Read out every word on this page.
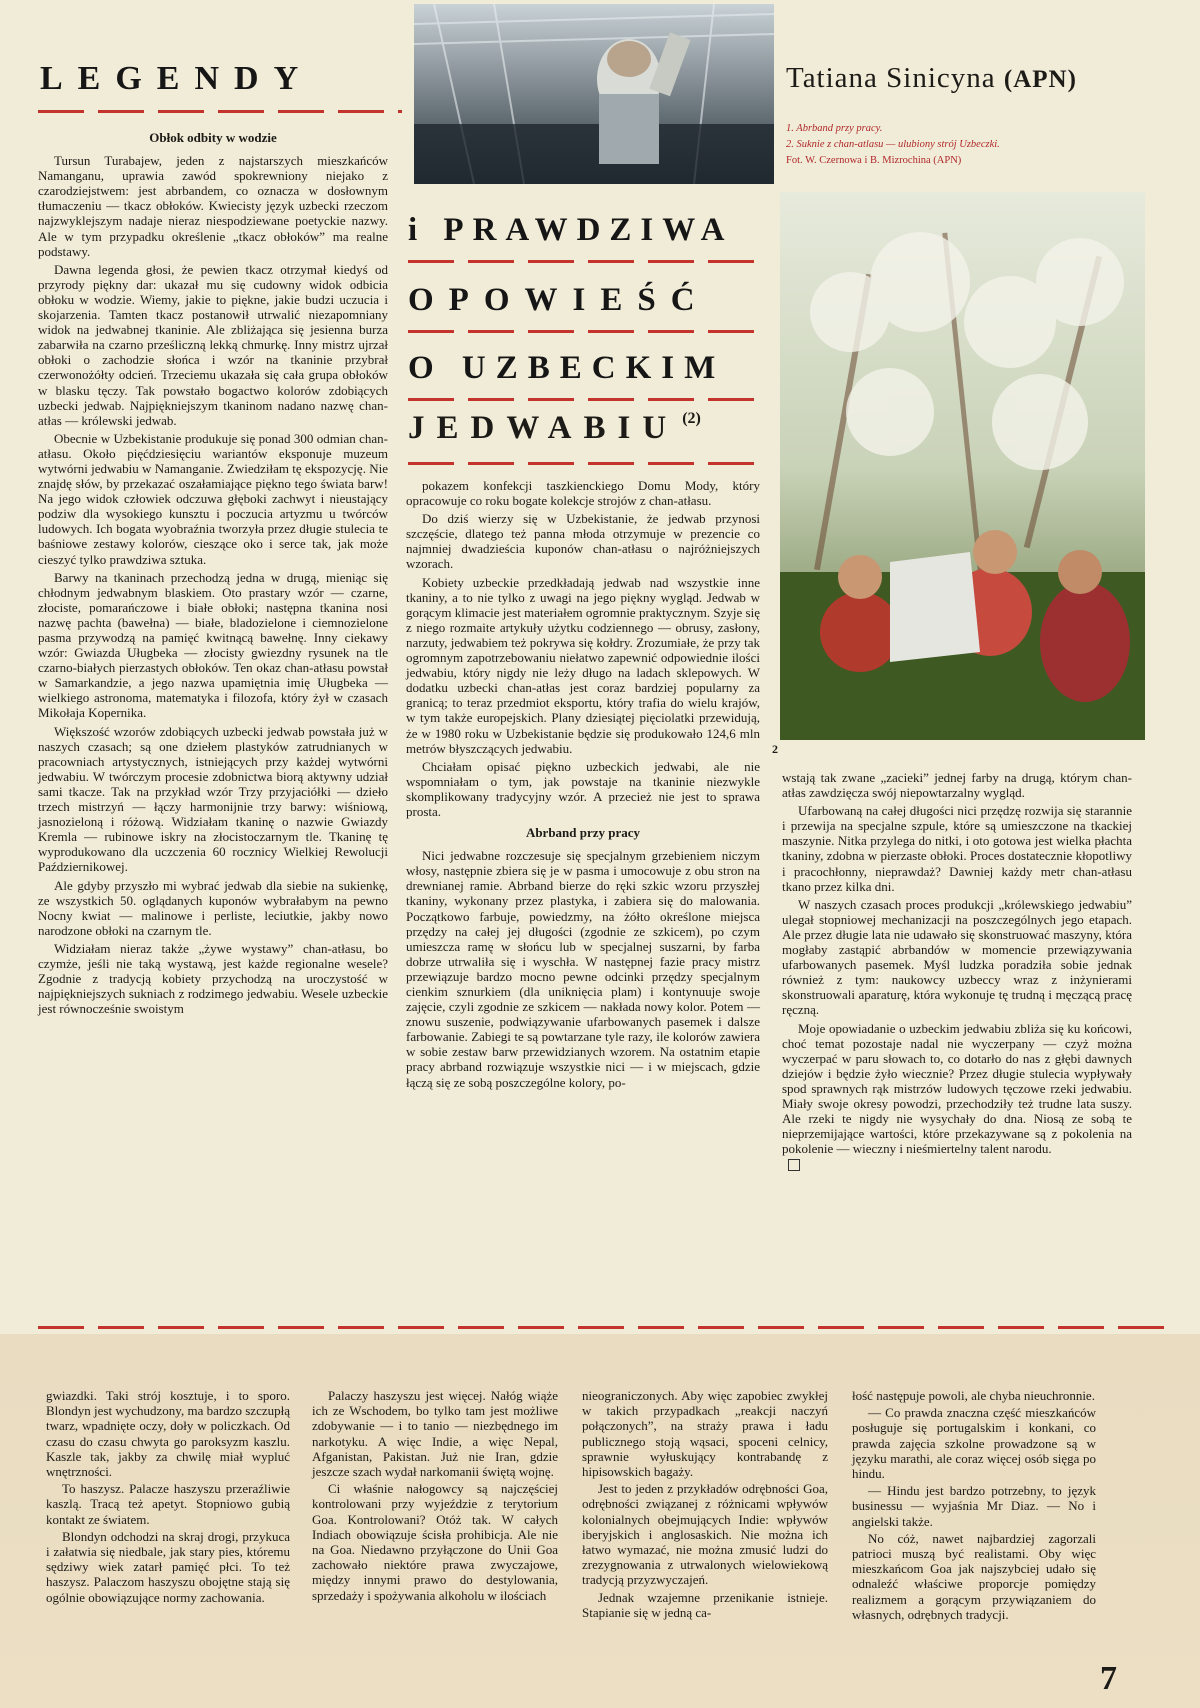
LEGENDY	Tatiana Sinicyna (APN)
1. Abrband przy pracy.
2. Suknie z chan-atlasu — ulubiony strój Uzbeczki.
Fot. W. Czernowa i B. Mizrochina (APN)
i PRAWDZIWA
OPOWIEŚĆ
O UZBECKIM
JEDWABIU (2)
2

Obłok odbity w wodzie

Tursun Turabajew, jeden z najstarszych mieszkańców Namanganu, uprawia zawód spokrewniony niejako z czarodziejstwem: jest abrbandem, co oznacza w dosłownym tłumaczeniu — tkacz obłoków. Kwiecisty język uzbecki rzeczom najzwyklejszym nadaje nieraz niespodziewane poetyckie nazwy. Ale w tym przypadku określenie „tkacz obłoków” ma realne podstawy.

Dawna legenda głosi, że pewien tkacz otrzymał kiedyś od przyrody piękny dar: ukazał mu się cudowny widok odbicia obłoku w wodzie. Wiemy, jakie to piękne, jakie budzi uczucia i skojarzenia. Tamten tkacz postanowił utrwalić niezapomniany widok na jedwabnej tkaninie. Ale zbliżająca się jesienna burza zabarwiła na czarno prześliczną lekką chmurkę. Inny mistrz ujrzał obłoki o zachodzie słońca i wzór na tkaninie przybrał czerwonożółty odcień. Trzeciemu ukazała się cała grupa obłoków w blasku tęczy. Tak powstało bogactwo kolorów zdobiących uzbecki jedwab. Najpiękniejszym tkaninom nadano nazwę chan-atłas — królewski jedwab.

Obecnie w Uzbekistanie produkuje się ponad 300 odmian chan-atłasu. Około pięćdziesięciu wariantów eksponuje muzeum wytwórni jedwabiu w Namanganie. Zwiedziłam tę ekspozycję. Nie znajdę słów, by przekazać oszałamiające piękno tego świata barw! Na jego widok człowiek odczuwa głęboki zachwyt i nieustający podziw dla wysokiego kunsztu i poczucia artyzmu u twórców ludowych. Ich bogata wyobraźnia tworzyła przez długie stulecia te baśniowe zestawy kolorów, cieszące oko i serce tak, jak może cieszyć tylko prawdziwa sztuka.

Barwy na tkaninach przechodzą jedna w drugą, mieniąc się chłodnym jedwabnym blaskiem. Oto prastary wzór — czarne, złociste, pomarańczowe i białe obłoki; następna tkanina nosi nazwę pachta (bawełna) — białe, bladozielone i ciemnozielone pasma przywodzą na pamięć kwitnącą bawełnę. Inny ciekawy wzór: Gwiazda Uługbeka — złocisty gwiezdny rysunek na tle czarno-białych pierzastych obłoków. Ten okaz chan-atłasu powstał w Samarkandzie, a jego nazwa upamiętnia imię Uługbeka — wielkiego astronoma, matematyka i filozofa, który żył w czasach Mikołaja Kopernika.

Większość wzorów zdobiących uzbecki jedwab powstała już w naszych czasach; są one dziełem plastyków zatrudnianych w pracowniach artystycznych, istniejących przy każdej wytwórni jedwabiu. W twórczym procesie zdobnictwa biorą aktywny udział sami tkacze. Tak na przykład wzór Trzy przyjaciółki — dzieło trzech mistrzyń — łączy harmonijnie trzy barwy: wiśniową, jasnozieloną i różową. Widziałam tkaninę o nazwie Gwiazdy Kremla — rubinowe iskry na złocistoczarnym tle. Tkaninę tę wyprodukowano dla uczczenia 60 rocznicy Wielkiej Rewolucji Październikowej.

Ale gdyby przyszło mi wybrać jedwab dla siebie na sukienkę, ze wszystkich 50. oglądanych kuponów wybrałabym na pewno Nocny kwiat — malinowe i perliste, leciutkie, jakby nowo narodzone obłoki na czarnym tle.

Widziałam nieraz także „żywe wystawy” chan-atłasu, bo czymże, jeśli nie taką wystawą, jest każde regionalne wesele? Zgodnie z tradycją kobiety przychodzą na uroczystość w najpiękniejszych sukniach z rodzimego jedwabiu. Wesele uzbeckie jest równocześnie swoistym

pokazem konfekcji taszkienckiego Domu Mody, który opracowuje co roku bogate kolekcje strojów z chan-atłasu.

Do dziś wierzy się w Uzbekistanie, że jedwab przynosi szczęście, dlatego też panna młoda otrzymuje w prezencie co najmniej dwadzieścia kuponów chan-atłasu o najróżniejszych wzorach.

Kobiety uzbeckie przedkładają jedwab nad wszystkie inne tkaniny, a to nie tylko z uwagi na jego piękny wygląd. Jedwab w gorącym klimacie jest materiałem ogromnie praktycznym. Szyje się z niego rozmaite artykuły użytku codziennego — obrusy, zasłony, narzuty, jedwabiem też pokrywa się kołdry. Zrozumiałe, że przy tak ogromnym zapotrzebowaniu niełatwo zapewnić odpowiednie ilości jedwabiu, który nigdy nie leży długo na ladach sklepowych. W dodatku uzbecki chan-atłas jest coraz bardziej popularny za granicą; to teraz przedmiot eksportu, który trafia do wielu krajów, w tym także europejskich. Plany dziesiątej pięciolatki przewidują, że w 1980 roku w Uzbekistanie będzie się produkowało 124,6 mln metrów błyszczących jedwabiu.

Chciałam opisać piękno uzbeckich jedwabi, ale nie wspomniałam o tym, jak powstaje na tkaninie niezwykle skomplikowany tradycyjny wzór. A przecież nie jest to sprawa prosta.

Abrband przy pracy

Nici jedwabne rozczesuje się specjalnym grzebieniem niczym włosy, następnie zbiera się je w pasma i umocowuje z obu stron na drewnianej ramie. Abrband bierze do ręki szkic wzoru przyszłej tkaniny, wykonany przez plastyka, i zabiera się do malowania. Początkowo farbuje, powiedzmy, na żółto określone miejsca przędzy na całej jej długości (zgodnie ze szkicem), po czym umieszcza ramę w słońcu lub w specjalnej suszarni, by farba dobrze utrwaliła się i wyschła. W następnej fazie pracy mistrz przewiązuje bardzo mocno pewne odcinki przędzy specjalnym cienkim sznurkiem (dla uniknięcia plam) i kontynuuje swoje zajęcie, czyli zgodnie ze szkicem — nakłada nowy kolor. Potem — znowu suszenie, podwiązywanie ufarbowanych pasemek i dalsze farbowanie. Zabiegi te są powtarzane tyle razy, ile kolorów zawiera w sobie zestaw barw przewidzianych wzorem. Na ostatnim etapie pracy abrband rozwiązuje wszystkie nici — i w miejscach, gdzie łączą się ze sobą poszczególne kolory, po-

wstają tak zwane „zacieki” jednej farby na drugą, którym chan-atłas zawdzięcza swój niepowtarzalny wygląd.

Ufarbowaną na całej długości nici przędzę rozwija się starannie i przewija na specjalne szpule, które są umieszczone na tkackiej maszynie. Nitka przylega do nitki, i oto gotowa jest wielka płachta tkaniny, zdobna w pierzaste obłoki. Proces dostatecznie kłopotliwy i pracochłonny, nieprawdaż? Dawniej każdy metr chan-atłasu tkano przez kilka dni.

W naszych czasach proces produkcji „królewskiego jedwabiu” ulegał stopniowej mechanizacji na poszczególnych jego etapach. Ale przez długie lata nie udawało się skonstruować maszyny, która mogłaby zastąpić abrbandów w momencie przewiązywania ufarbowanych pasemek. Myśl ludzka poradziła sobie jednak również z tym: naukowcy uzbeccy wraz z inżynierami skonstruowali aparaturę, która wykonuje tę trudną i męczącą pracę ręczną.

Moje opowiadanie o uzbeckim jedwabiu zbliża się ku końcowi, choć temat pozostaje nadal nie wyczerpany — czyż można wyczerpać w paru słowach to, co dotarło do nas z głębi dawnych dziejów i będzie żyło wiecznie? Przez długie stulecia wypływały spod sprawnych rąk mistrzów ludowych tęczowe rzeki jedwabiu. Miały swoje okresy powodzi, przechodziły też trudne lata suszy. Ale rzeki te nigdy nie wysychały do dna. Niosą ze sobą te nieprzemijające wartości, które przekazywane są z pokolenia na pokolenie — wieczny i nieśmiertelny talent narodu.

gwiazdki. Taki strój kosztuje, i to sporo. Blondyn jest wychudzony, ma bardzo szczupłą twarz, wpadnięte oczy, doły w policzkach. Od czasu do czasu chwyta go paroksyzm kaszlu. Kaszle tak, jakby za chwilę miał wypluć wnętrzności.

To haszysz. Palacze haszyszu przeraźliwie kaszlą. Tracą też apetyt. Stopniowo gubią kontakt ze światem.

Blondyn odchodzi na skraj drogi, przykuca i załatwia się niedbale, jak stary pies, któremu sędziwy wiek zatarł pamięć płci. To też haszysz. Palaczom haszyszu obojętne stają się ogólnie obowiązujące normy zachowania.

Palaczy haszyszu jest więcej. Nałóg wiąże ich ze Wschodem, bo tylko tam jest możliwe zdobywanie — i to tanio — niezbędnego im narkotyku. A więc Indie, a więc Nepal, Afganistan, Pakistan. Już nie Iran, gdzie jeszcze szach wydał narkomanii świętą wojnę.

Ci właśnie nałogowcy są najczęściej kontrolowani przy wyjeździe z terytorium Goa. Kontrolowani? Otóż tak. W całych Indiach obowiązuje ścisła prohibicja. Ale nie na Goa. Niedawno przyłączone do Unii Goa zachowało niektóre prawa zwyczajowe, między innymi prawo do destylowania, sprzedaży i spożywania alkoholu w ilościach

nieograniczonych. Aby więc zapobiec zwykłej w takich przypadkach „reakcji naczyń połączonych”, na straży prawa i ładu publicznego stoją wąsaci, spoceni celnicy, sprawnie wyłuskujący kontrabandę z hipisowskich bagaży.

Jest to jeden z przykładów odrębności Goa, odrębności związanej z różnicami wpływów kolonialnych obejmujących Indie: wpływów iberyjskich i anglosaskich. Nie można ich łatwo wymazać, nie można zmusić ludzi do zrezygnowania z utrwalonych wielowiekową tradycją przyzwyczajeń.

Jednak wzajemne przenikanie istnieje. Stapianie się w jedną ca-

łość następuje powoli, ale chyba nieuchronnie.

— Co prawda znaczna część mieszkańców posługuje się portugalskim i konkani, co prawda zajęcia szkolne prowadzone są w języku marathi, ale coraz więcej osób sięga po hindu.

— Hindu jest bardzo potrzebny, to język businessu — wyjaśnia Mr Diaz. — No i angielski także.

No cóż, nawet najbardziej zagorzali patrioci muszą być realistami. Oby więc mieszkańcom Goa jak najszybciej udało się odnaleźć właściwe proporcje pomiędzy realizmem a gorącym przywiązaniem do własnych, odrębnych tradycji.

7
